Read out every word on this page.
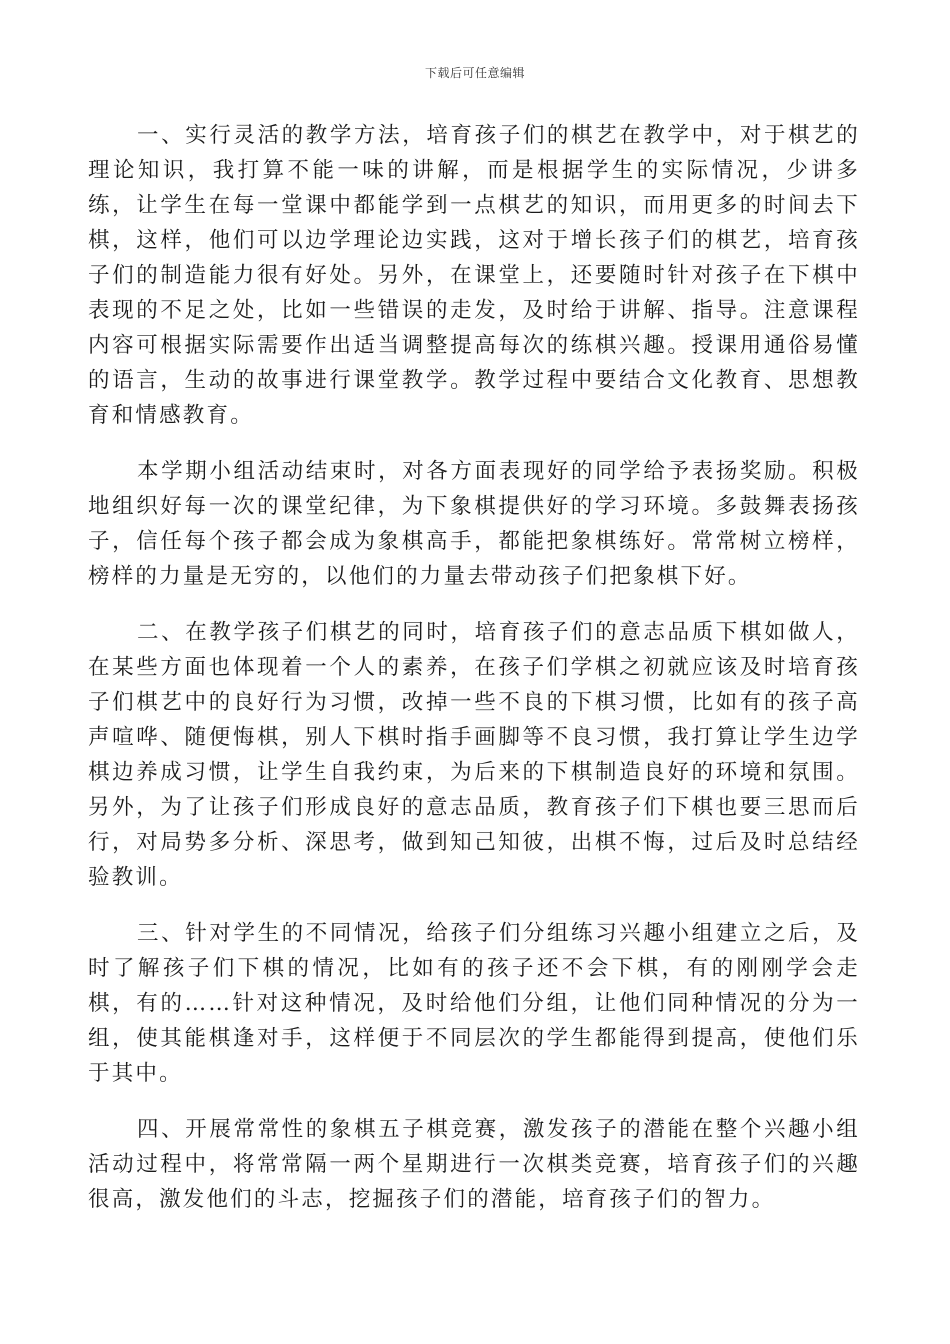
下载后可任意编辑

一、实行灵活的教学方法，培育孩子们的棋艺在教学中，对于棋艺的理论知识，我打算不能一味的讲解，而是根据学生的实际情况，少讲多练，让学生在每一堂课中都能学到一点棋艺的知识，而用更多的时间去下棋，这样，他们可以边学理论边实践，这对于增长孩子们的棋艺，培育孩子们的制造能力很有好处。另外，在课堂上，还要随时针对孩子在下棋中表现的不足之处，比如一些错误的走发，及时给于讲解、指导。注意课程内容可根据实际需要作出适当调整提高每次的练棋兴趣。授课用通俗易懂的语言，生动的故事进行课堂教学。教学过程中要结合文化教育、思想教育和情感教育。

本学期小组活动结束时，对各方面表现好的同学给予表扬奖励。积极地组织好每一次的课堂纪律，为下象棋提供好的学习环境。多鼓舞表扬孩子，信任每个孩子都会成为象棋高手，都能把象棋练好。常常树立榜样，榜样的力量是无穷的，以他们的力量去带动孩子们把象棋下好。

二、在教学孩子们棋艺的同时，培育孩子们的意志品质下棋如做人，在某些方面也体现着一个人的素养，在孩子们学棋之初就应该及时培育孩子们棋艺中的良好行为习惯，改掉一些不良的下棋习惯，比如有的孩子高声喧哗、随便悔棋，别人下棋时指手画脚等不良习惯，我打算让学生边学棋边养成习惯，让学生自我约束，为后来的下棋制造良好的环境和氛围。另外，为了让孩子们形成良好的意志品质，教育孩子们下棋也要三思而后行，对局势多分析、深思考，做到知己知彼，出棋不悔，过后及时总结经验教训。

三、针对学生的不同情况，给孩子们分组练习兴趣小组建立之后，及时了解孩子们下棋的情况，比如有的孩子还不会下棋，有的刚刚学会走棋，有的……针对这种情况，及时给他们分组，让他们同种情况的分为一组，使其能棋逢对手，这样便于不同层次的学生都能得到提高，使他们乐于其中。

四、开展常常性的象棋五子棋竞赛，激发孩子的潜能在整个兴趣小组活动过程中，将常常隔一两个星期进行一次棋类竞赛，培育孩子们的兴趣很高，激发他们的斗志，挖掘孩子们的潜能，培育孩子们的智力。
